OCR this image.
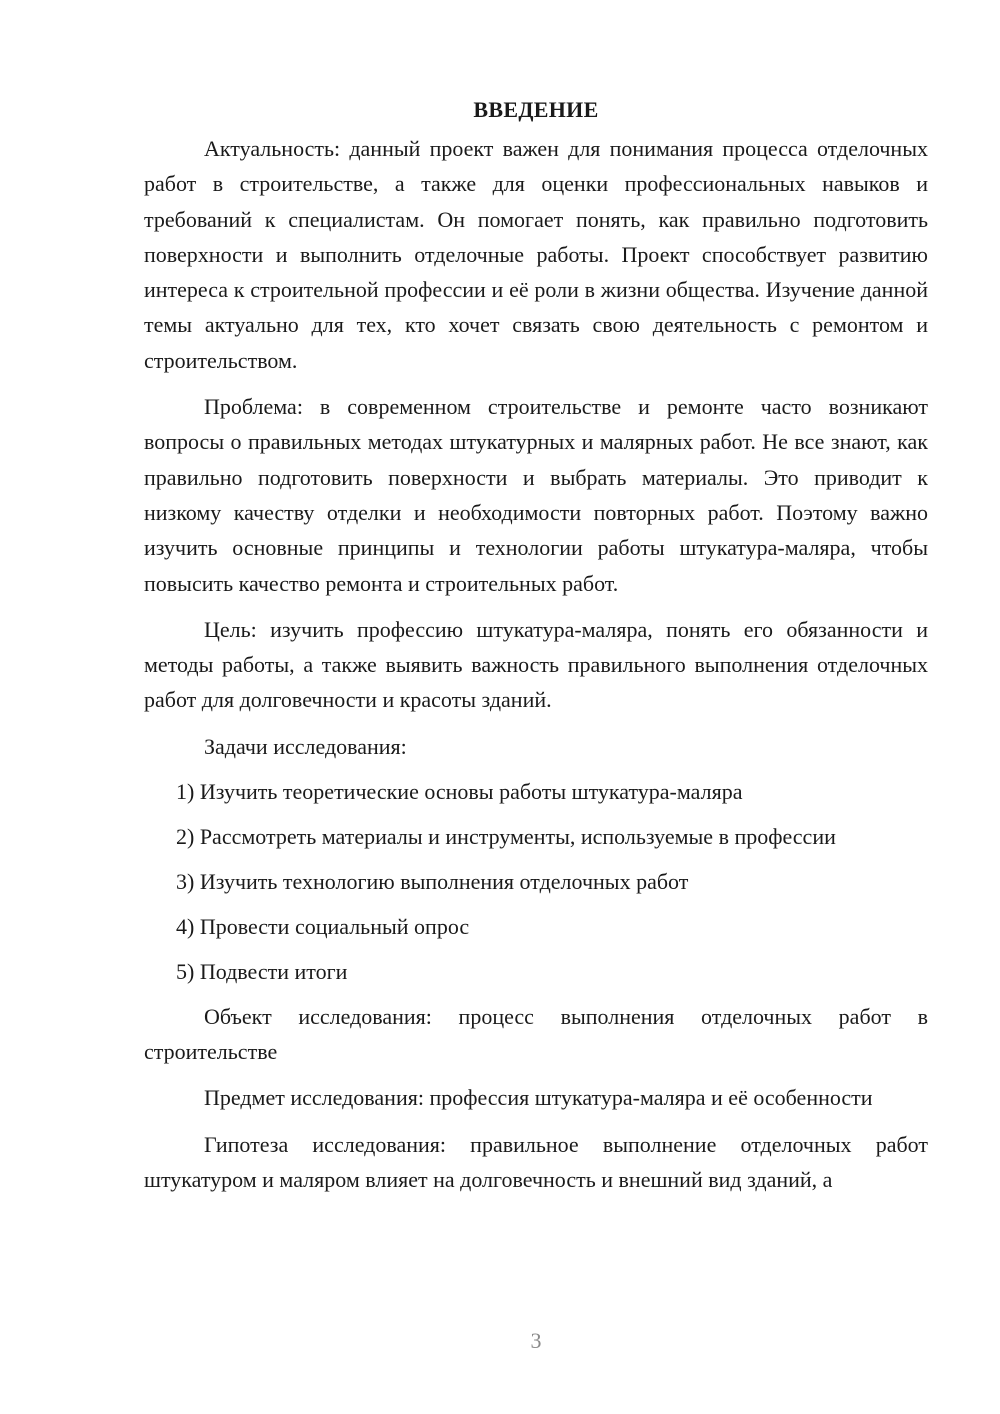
ВВЕДЕНИЕ

Актуальность: данный проект важен для понимания процесса отделочных работ в строительстве, а также для оценки профессиональных навыков и требований к специалистам. Он помогает понять, как правильно подготовить поверхности и выполнить отделочные работы. Проект способствует развитию интереса к строительной профессии и её роли в жизни общества. Изучение данной темы актуально для тех, кто хочет связать свою деятельность с ремонтом и строительством.

Проблема: в современном строительстве и ремонте часто возникают вопросы о правильных методах штукатурных и малярных работ. Не все знают, как правильно подготовить поверхности и выбрать материалы. Это приводит к низкому качеству отделки и необходимости повторных работ. Поэтому важно изучить основные принципы и технологии работы штукатура-маляра, чтобы повысить качество ремонта и строительных работ.

Цель: изучить профессию штукатура-маляра, понять его обязанности и методы работы, а также выявить важность правильного выполнения отделочных работ для долговечности и красоты зданий.

Задачи исследования:

1) Изучить теоретические основы работы штукатура-маляра
2) Рассмотреть материалы и инструменты, используемые в профессии
3) Изучить технологию выполнения отделочных работ
4) Провести социальный опрос
5) Подвести итоги

Объект исследования: процесс выполнения отделочных работ в строительстве

Предмет исследования: профессия штукатура-маляра и её особенности

Гипотеза исследования: правильное выполнение отделочных работ штукатуром и маляром влияет на долговечность и внешний вид зданий, а

3
